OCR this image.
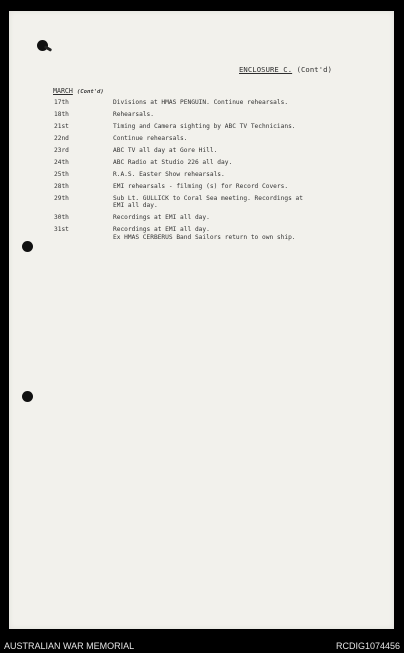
ENCLOSURE C. (Cont'd)
MARCH (Cont'd)
17th	Divisions at HMAS PENGUIN. Continue rehearsals.
18th	Rehearsals.
21st	Timing and Camera sighting by ABC TV Technicians.
22nd	Continue rehearsals.
23rd	ABC TV all day at Gore Hill.
24th	ABC Radio at Studio 226 all day.
25th	R.A.S. Easter Show rehearsals.
28th	EMI rehearsals - filming (s) for Record Covers.
29th	Sub Lt. GULLICK to Coral Sea meeting. Recordings at
EMI all day.
30th	Recordings at EMI all day.
31st	Recordings at EMI all day.
Ex HMAS CERBERUS Band Sailors return to own ship.
AUSTRALIAN WAR MEMORIAL	RCDIG1074456
